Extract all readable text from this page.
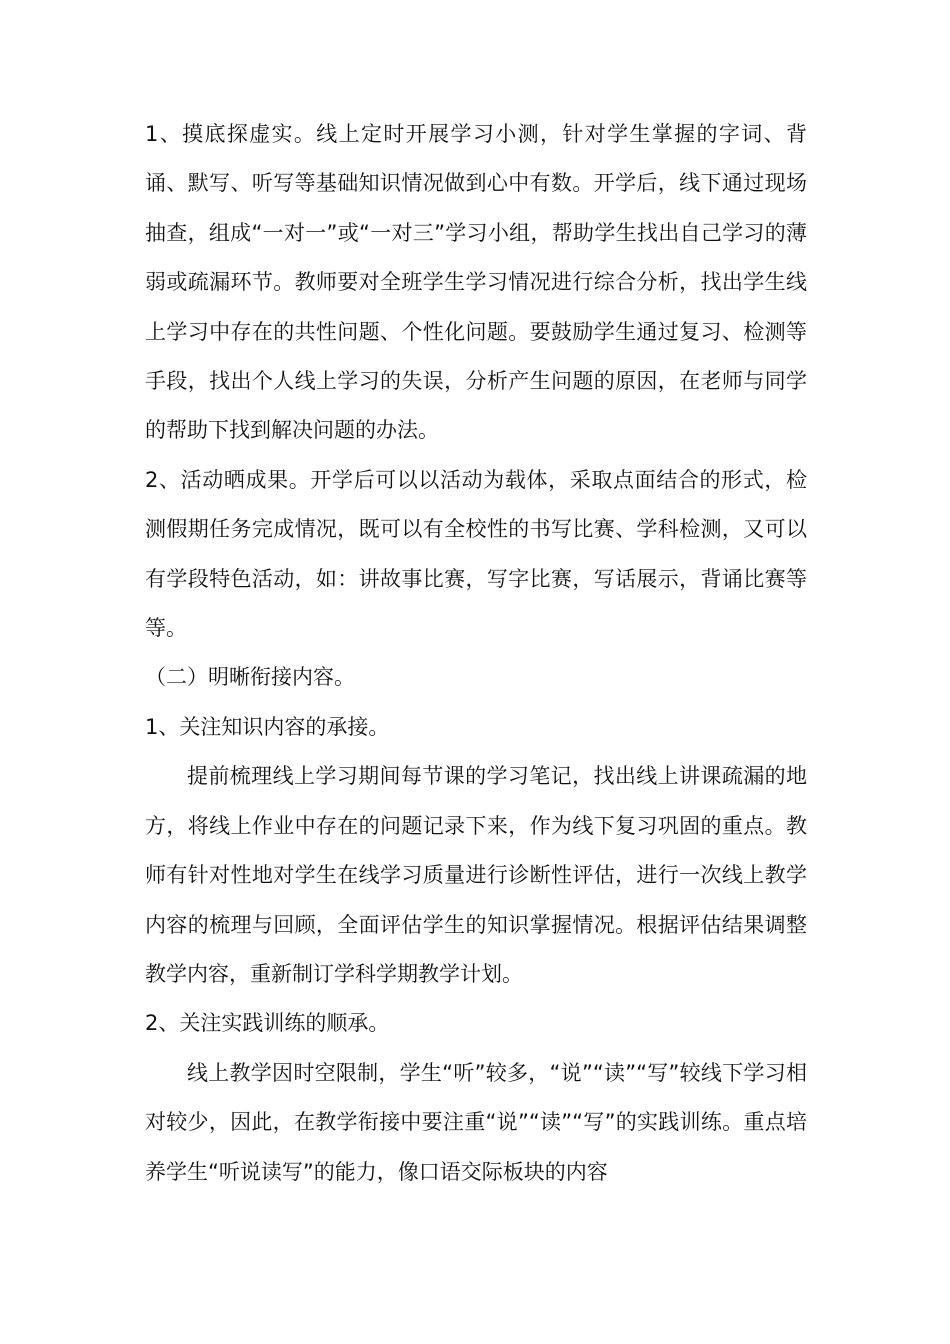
1、摸底探虚实。线上定时开展学习小测，针对学生掌握的字词、背诵、默写、听写等基础知识情况做到心中有数。开学后，线下通过现场抽查，组成“一对一”或“一对三”学习小组，帮助学生找出自己学习的薄弱或疏漏环节。教师要对全班学生学习情况进行综合分析，找出学生线上学习中存在的共性问题、个性化问题。要鼓励学生通过复习、检测等手段，找出个人线上学习的失误，分析产生问题的原因，在老师与同学的帮助下找到解决问题的办法。

2、活动晒成果。开学后可以以活动为载体，采取点面结合的形式，检测假期任务完成情况，既可以有全校性的书写比赛、学科检测，又可以有学段特色活动，如：讲故事比赛，写字比赛，写话展示，背诵比赛等等。

（二）明晰衔接内容。

1、关注知识内容的承接。

提前梳理线上学习期间每节课的学习笔记，找出线上讲课疏漏的地方，将线上作业中存在的问题记录下来，作为线下复习巩固的重点。教师有针对性地对学生在线学习质量进行诊断性评估，进行一次线上教学内容的梳理与回顾，全面评估学生的知识掌握情况。根据评估结果调整教学内容，重新制订学科学期教学计划。

2、关注实践训练的顺承。

线上教学因时空限制，学生“听”较多，“说”“读”“写”较线下学习相对较少，因此，在教学衔接中要注重“说”“读”“写”的实践训练。重点培养学生“听说读写”的能力，像口语交际板块的内容
